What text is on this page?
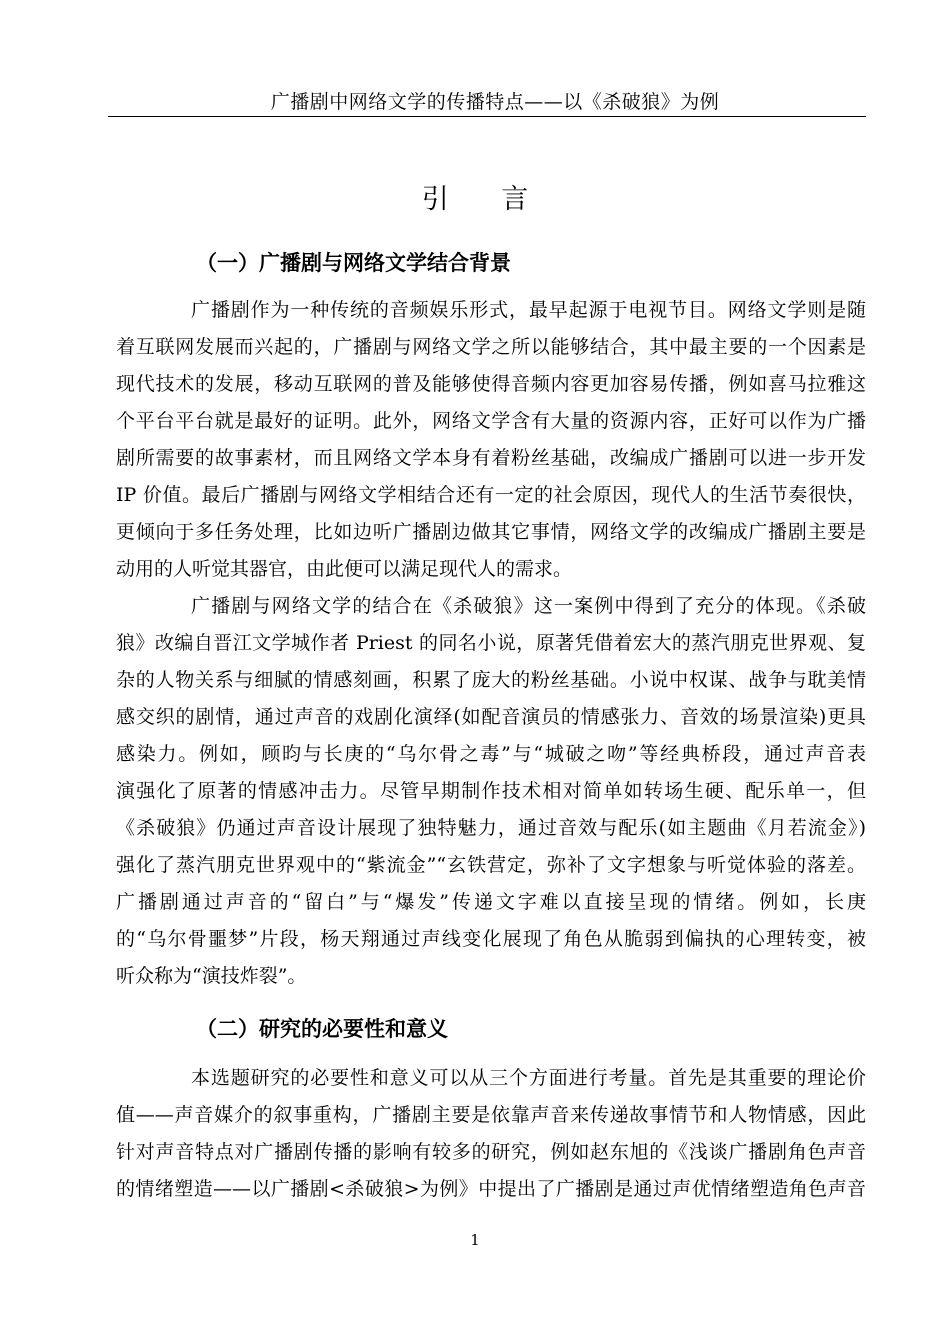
广播剧中网络文学的传播特点——以《杀破狼》为例
引 言
（一）广播剧与网络文学结合背景
广播剧作为一种传统的音频娱乐形式，最早起源于电视节目。网络文学则是随
着互联网发展而兴起的，广播剧与网络文学之所以能够结合，其中最主要的一个因素是
现代技术的发展，移动互联网的普及能够使得音频内容更加容易传播，例如喜马拉雅这
个平台平台就是最好的证明。此外，网络文学含有大量的资源内容，正好可以作为广播
剧所需要的故事素材，而且网络文学本身有着粉丝基础，改编成广播剧可以进一步开发
IP 价值。最后广播剧与网络文学相结合还有一定的社会原因，现代人的生活节奏很快，
更倾向于多任务处理，比如边听广播剧边做其它事情，网络文学的改编成广播剧主要是
动用的人听觉其器官，由此便可以满足现代人的需求。
广播剧与网络文学的结合在《杀破狼》这一案例中得到了充分的体现。《杀破
狼》改编自晋江文学城作者 Priest 的同名小说，原著凭借着宏大的蒸汽朋克世界观、复
杂的人物关系与细腻的情感刻画，积累了庞大的粉丝基础。小说中权谋、战争与耽美情
感交织的剧情，通过声音的戏剧化演绎(如配音演员的情感张力、音效的场景渲染)更具
感染力。例如，顾昀与长庚的“乌尔骨之毒”与“城破之吻”等经典桥段，通过声音表
演强化了原著的情感冲击力。尽管早期制作技术相对简单如转场生硬、配乐单一，但
《杀破狼》仍通过声音设计展现了独特魅力，通过音效与配乐(如主题曲《月若流金》)
强化了蒸汽朋克世界观中的“紫流金”“玄铁营定，弥补了文字想象与听觉体验的落差。
广播剧通过声音的“留白”与“爆发”传递文字难以直接呈现的情绪。例如，长庚
的“乌尔骨噩梦”片段，杨天翔通过声线变化展现了角色从脆弱到偏执的心理转变，被
听众称为“演技炸裂”。
（二）研究的必要性和意义
本选题研究的必要性和意义可以从三个方面进行考量。首先是其重要的理论价
值——声音媒介的叙事重构，广播剧主要是依靠声音来传递故事情节和人物情感，因此
针对声音特点对广播剧传播的影响有较多的研究，例如赵东旭的《浅谈广播剧角色声音
的情绪塑造——以广播剧<杀破狼>为例》中提出了广播剧是通过声优情绪塑造角色声音
1
